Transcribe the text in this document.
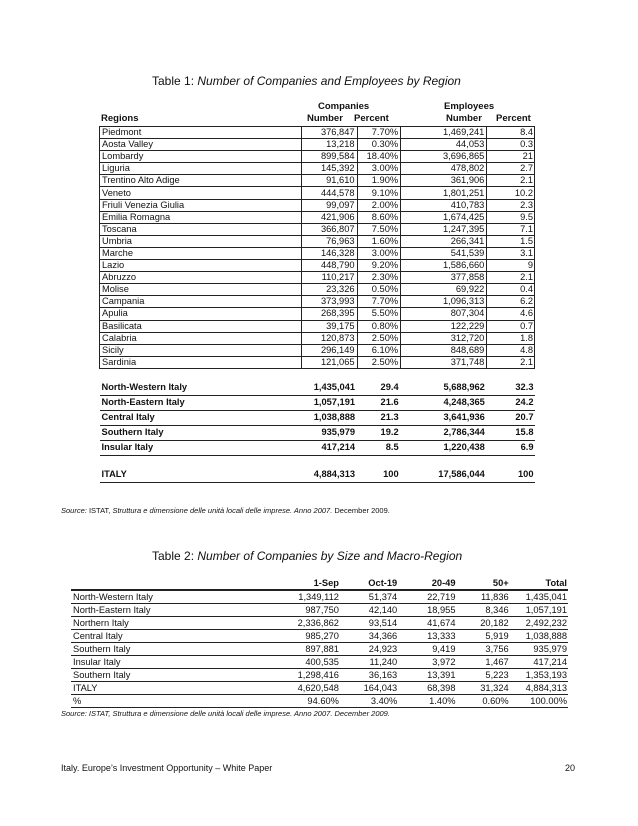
Table 1: Number of Companies and Employees by Region
Companies	Employees
Regions	Number Percent	Number Percent
Piedmont	376,847	7.70%	1,469,241	8.4
Aosta Valley	13,218	0.30%	44,053	0.3
Lombardy	899,584	18.40%	3,696,865	21
Liguria	145,392	3.00%	478,802	2.7
Trentino Alto Adige	91,610	1.90%	361,906	2.1
Veneto	444,578	9.10%	1,801,251	10.2
Friuli Venezia Giulia	99,097	2.00%	410,783	2.3
Emilia Romagna	421,906	8.60%	1,674,425	9.5
Toscana	366,807	7.50%	1,247,395	7.1
Umbria	76,963	1.60%	266,341	1.5
Marche	146,328	3.00%	541,539	3.1
Lazio	448,790	9.20%	1,586,660	9
Abruzzo	110,217	2.30%	377,858	2.1
Molise	23,326	0.50%	69,922	0.4
Campania	373,993	7.70%	1,096,313	6.2
Apulia	268,395	5.50%	807,304	4.6
Basilicata	39,175	0.80%	122,229	0.7
Calabria	120,873	2.50%	312,720	1.8
Sicily	296,149	6.10%	848,689	4.8
Sardinia	121,065	2.50%	371,748	2.1

North-Western Italy	1,435,041	29.4	5,688,962	32.3
North-Eastern Italy	1,057,191	21.6	4,248,365	24.2
Central Italy	1,038,888	21.3	3,641,936	20.7
Southern Italy	935,979	19.2	2,786,344	15.8
Insular Italy	417,214	8.5	1,220,438	6.9

ITALY	4,884,313	100	17,586,044	100
Source: ISTAT, Struttura e dimensione delle unità locali delle imprese. Anno 2007. December 2009.
Table 2: Number of Companies by Size and Macro-Region
	1-Sep	Oct-19	20-49	50+	Total
North-Western Italy	1,349,112	51,374	22,719	11,836	1,435,041
North-Eastern Italy	987,750	42,140	18,955	8,346	1,057,191
Northern Italy	2,336,862	93,514	41,674	20,182	2,492,232
Central Italy	985,270	34,366	13,333	5,919	1,038,888
Southern Italy	897,881	24,923	9,419	3,756	935,979
Insular Italy	400,535	11,240	3,972	1,467	417,214
Southern Italy	1,298,416	36,163	13,391	5,223	1,353,193
ITALY	4,620,548	164,043	68,398	31,324	4,884,313
%	94.60%	3.40%	1.40%	0.60%	100.00%
Source: ISTAT, Struttura e dimensione delle unità locali delle imprese. Anno 2007. December 2009.
Italy. Europe’s Investment Opportunity – White Paper	20
